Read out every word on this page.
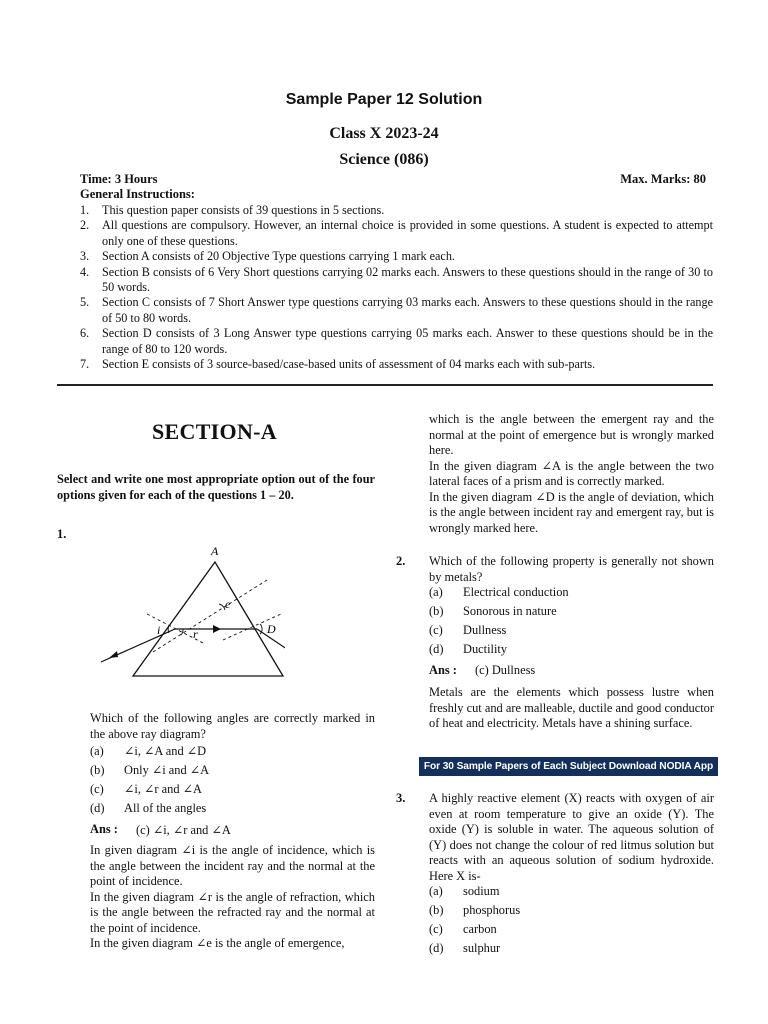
Sample Paper 12 Solution
Class X 2023-24
Science (086)
Time: 3 Hours	Max. Marks: 80
General Instructions:
1.	This question paper consists of 39 questions in 5 sections.
2.	All questions are compulsory. However, an internal choice is provided in some questions. A student is expected to attempt only one of these questions.
3.	Section A consists of 20 Objective Type questions carrying 1 mark each.
4.	Section B consists of 6 Very Short questions carrying 02 marks each. Answers to these questions should in the range of 30 to 50 words.
5.	Section C consists of 7 Short Answer type questions carrying 03 marks each. Answers to these questions should in the range of 50 to 80 words.
6.	Section D consists of 3 Long Answer type questions carrying 05 marks each. Answer to these questions should be in the range of 80 to 120 words.
7.	Section E consists of 3 source-based/case-based units of assessment of 04 marks each with sub-parts.
SECTION-A
Select and write one most appropriate option out of the four options given for each of the questions 1 – 20.
1.
A
i	r
e
D
Which of the following angles are correctly marked in the above ray diagram?
(a)	∠i, ∠A and ∠D
(b)	Only ∠i and ∠A
(c)	∠i, ∠r and ∠A
(d)	All of the angles
Ans :	(c) ∠i, ∠r and ∠A

In given diagram ∠i is the angle of incidence, which is the angle between the incident ray and the normal at the point of incidence.

In the given diagram ∠r is the angle of refraction, which is the angle between the refracted ray and the normal at the point of incidence.

In the given diagram ∠e is the angle of emergence,

which is the angle between the emergent ray and the normal at the point of emergence but is wrongly marked here.

In the given diagram ∠A is the angle between the two lateral faces of a prism and is correctly marked.

In the given diagram ∠D is the angle of deviation, which is the angle between incident ray and emergent ray, but is wrongly marked here.

2. Which of the following property is generally not shown by metals?
(a)	Electrical conduction
(b)	Sonorous in nature
(c)	Dullness
(d)	Ductility
Ans :	(c) Dullness
Metals are the elements which possess lustre when freshly cut and are malleable, ductile and good conductor of heat and electricity. Metals have a shining surface.
For 30 Sample Papers of Each Subject Download NODIA App
3. A highly reactive element (X) reacts with oxygen of air even at room temperature to give an oxide (Y). The oxide (Y) is soluble in water. The aqueous solution of (Y) does not change the colour of red litmus solution but reacts with an aqueous solution of sodium hydroxide. Here X is-
(a)	sodium
(b)	phosphorus
(c)	carbon
(d)	sulphur
